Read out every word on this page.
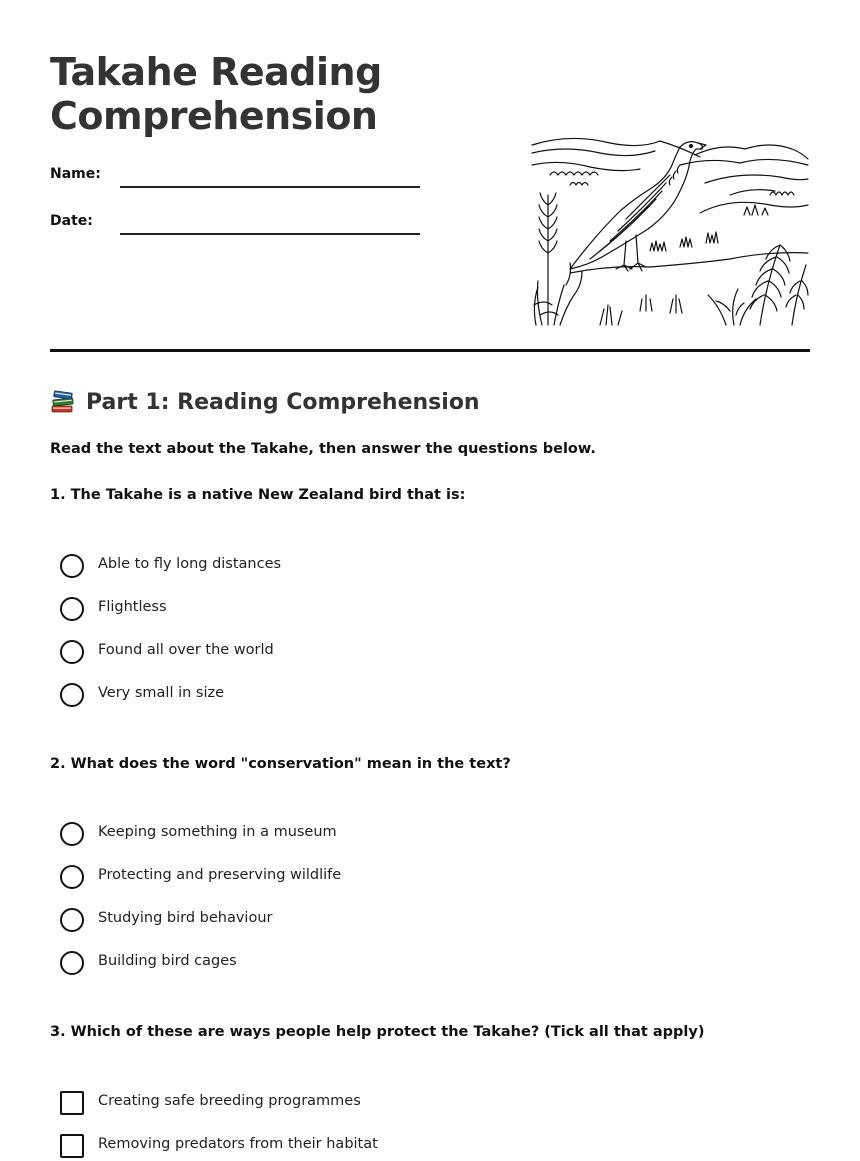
Takahe Reading Comprehension
Name:
Date:
Part 1: Reading Comprehension
Read the text about the Takahe, then answer the questions below.
1. The Takahe is a native New Zealand bird that is:
Able to fly long distances
Flightless
Found all over the world
Very small in size
2. What does the word "conservation" mean in the text?
Keeping something in a museum
Protecting and preserving wildlife
Studying bird behaviour
Building bird cages
3. Which of these are ways people help protect the Takahe? (Tick all that apply)
Creating safe breeding programmes
Removing predators from their habitat
